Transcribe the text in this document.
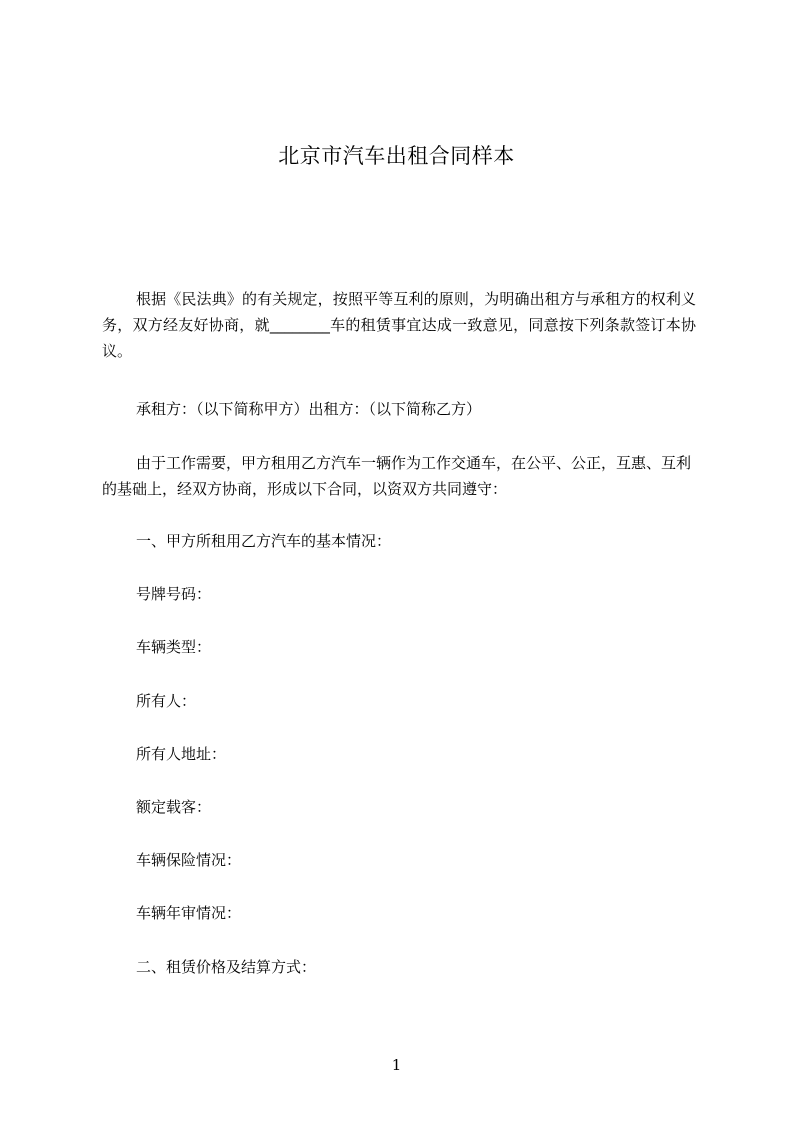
北京市汽车出租合同样本
根据《民法典》的有关规定，按照平等互利的原则，为明确出租方与承租方的权利义务，双方经友好协商，就________车的租赁事宜达成一致意见，同意按下列条款签订本协议。
承租方：（以下简称甲方）出租方：（以下简称乙方）
由于工作需要，甲方租用乙方汽车一辆作为工作交通车，在公平、公正，互惠、互利的基础上，经双方协商，形成以下合同，以资双方共同遵守：
一、甲方所租用乙方汽车的基本情况：
号牌号码：
车辆类型：
所有人：
所有人地址：
额定载客：
车辆保险情况：
车辆年审情况：
二、租赁价格及结算方式：
1
